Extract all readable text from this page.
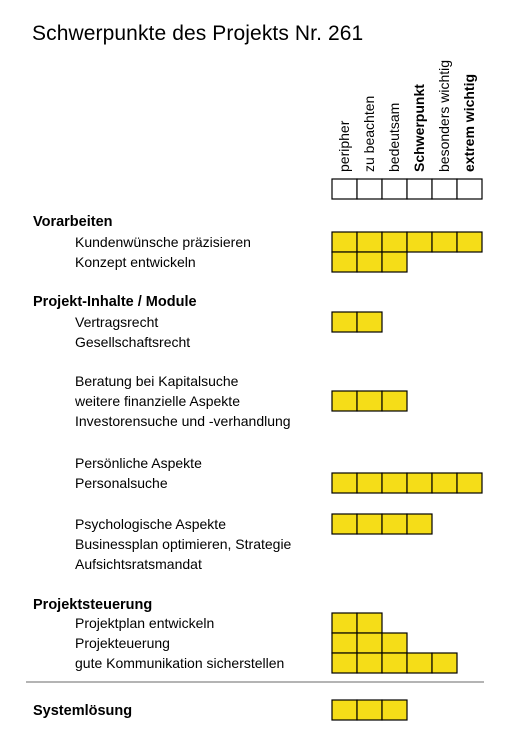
Schwerpunkte des Projekts Nr. 261
peripher zu beachten bedeutsam Schwerpunkt besonders wichtig extrem wichtig
Vorarbeiten
Kundenwünsche präzisieren
Konzept entwickeln
Projekt-Inhalte / Module
Vertragsrecht
Gesellschaftsrecht
Beratung bei Kapitalsuche
weitere finanzielle Aspekte
Investorensuche und -verhandlung
Persönliche Aspekte
Personalsuche
Psychologische Aspekte
Businessplan optimieren, Strategie
Aufsichtsratsmandat
Projektsteuerung
Projektplan entwickeln
Projekteuerung
gute Kommunikation sicherstellen
Systemlösung
